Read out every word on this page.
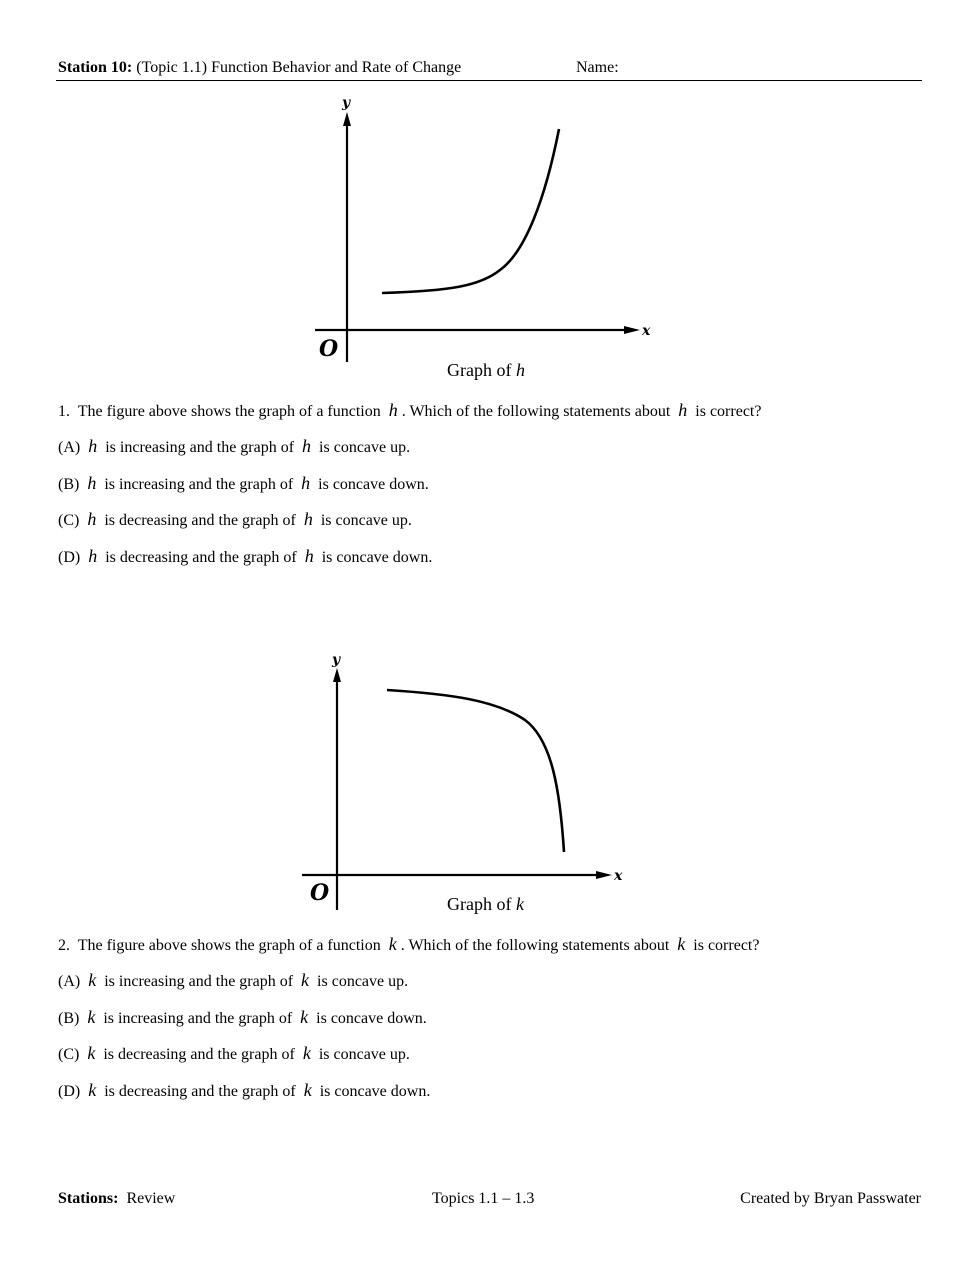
Station 10: (Topic 1.1) Function Behavior and Rate of Change	Name:
y
x
O
Graph of h
1. The figure above shows the graph of a function h . Which of the following statements about h is correct?
(A) h is increasing and the graph of h is concave up.
(B) h is increasing and the graph of h is concave down.
(C) h is decreasing and the graph of h is concave up.
(D) h is decreasing and the graph of h is concave down.
y
x
O	Graph of k
2. The figure above shows the graph of a function k . Which of the following statements about k is correct?
(A) k is increasing and the graph of k is concave up.
(B) k is increasing and the graph of k is concave down.
(C) k is decreasing and the graph of k is concave up.
(D) k is decreasing and the graph of k is concave down.
Stations: Review	Topics 1.1 – 1.3	Created by Bryan Passwater
